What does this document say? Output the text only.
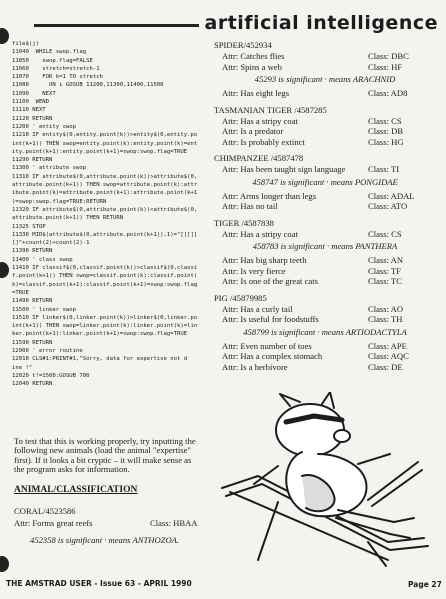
artificial intelligence
file$(j)
11040  WHILE swop.flag
11050    swop.flag=FALSE
11060    stretch=stretch-1
11070    FOR k=1 TO stretch
11080      ON i GOSUB 11200,11300,11400,11500
11090    NEXT
11100  WEND
11110 NEXT
11120 RETURN
11200 ' entity swop
11210 IF entity$(0,entity.point(k))>entity$(0,entity.po
int(k+1)) THEN swop=entity.point(k):entity.point(k)=ent
ity.point(k+1):entity.point(k+1)=swop:swop.flag=TRUE
11290 RETURN
11300 ' attribute swop
11310 IF attribute$(0,attribute.point(k))>attribute$(0,
attribute.point(k+1)) THEN swop=attribute.point(k):attr
ibute.point(k)=attribute.point(k+1):attribute.point(k+1
)=swop:swop.flag=TRUE:RETURN
11320 IF attribute$(0,attribute.point(k))<attribute$(0,
attribute.point(k+1)) THEN RETURN
11325 STOP
11330 MID$(attribute$(0,attribute.point(k+1)),1)="[[[]]
]]"+count(2)+count(2)-1
11390 RETURN
11400 ' class swop
11410 IF classif$(0,classif.point(k))>classif$(0,classi
f.point(k+1)) THEN swop=classif.point(k):classif.point(
k)=classif.point(k+1):classif.point(k+1)=swop:swop.flag
=TRUE
11490 RETURN
11500 ' linker swop
11510 IF linker$(0,linker.point(k))>linker$(0,linker.po
int(k+1)) THEN swop=linker.point(k):linker.point(k)=lin
ker.point(k+1):linker.point(k+1)=swop:swop.flag=TRUE
11590 RETURN
12000 ' error routine
12010 CLS#1:PRINT#1,"Sorry, data for expertise not d
ine !"
12020 t!=1500:GOSUB 700
12040 RETURN
To test that this is working properly, try inputting the following new animals (load the animal "expertise" first). If it looks a bit cryptic – it will make sense as the program asks for information.
ANIMAL/CLASSIFICATION
CORAL/4523586
Attr: Forms great reefs	Class: HBAA
452358 is significant · means ANTHOZOA.
SPIDER/452934
Attr: Catches flies	Class: DBC
Attr: Spins a web	Class: HF
45293 is significant · means ARACHNID
Attr: Has eight legs	Class: AD8
TASMANIAN TIGER /4587285
Attr: Has a stripy coat	Class: CS
Attr: Is a predator	Class: DB
Attr: Is probably extinct	Class: HG
CHIMPANZEE /4587478
Attr: Has been taught sign language	Class: TI
458747 is significant · means PONGIDAE
Attr: Arms longer than legs	Class: ADAL
Attr: Has no tail	Class: ATO
TIGER /4587838
Attr: Has a stripy coat	Class: CS
458783 is significant · means PANTHERA
Attr: Has big sharp teeth	Class: AN
Attr: Is very fierce	Class: TF
Attr: Is one of the great cats	Class: TC
PIG /45879985
Attr: Has a curly tail	Class: AO
Attr: Is useful for foodstuffs	Class: TH
458799 is significant · means ARTIODACTYLA
Attr: Even number of toes	Class: APE
Attr: Has a complex stomach	Class: AQC
Attr: Is a herbivore	Class: DE
THE AMSTRAD USER - Issue 63 - APRIL 1990	Page 27
